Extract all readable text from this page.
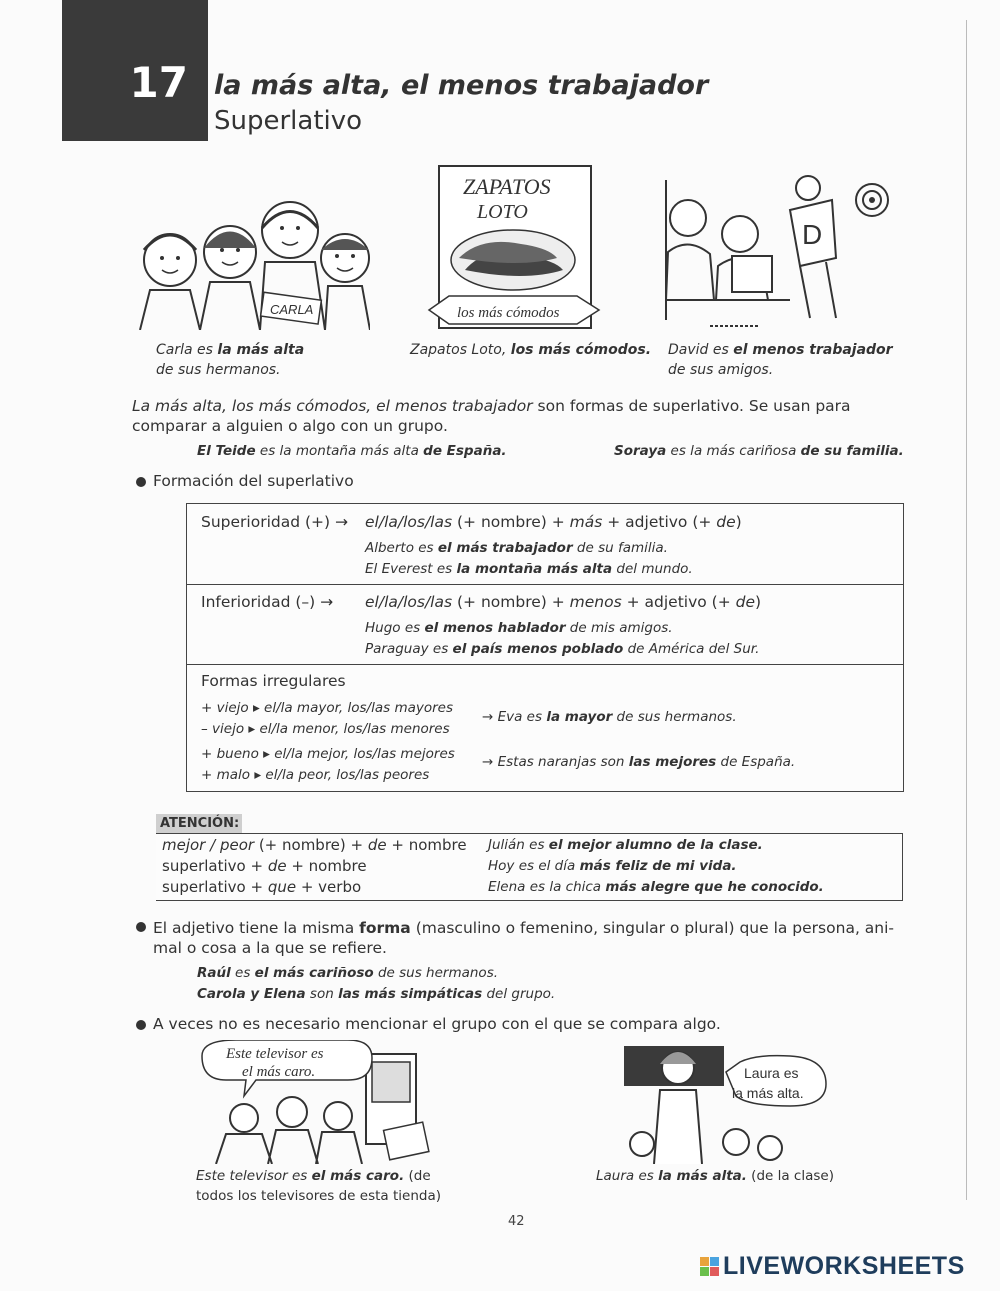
17 la más alta, el menos trabajador
Superlativo
CARLA
Carla es la más alta
de sus hermanos.
ZAPATOS
LOTO
los más cómodos
Zapatos Loto, los más cómodos.
D
David es el menos trabajador
de sus amigos.
La más alta, los más cómodos, el menos trabajador son formas de superlativo. Se usan para
comparar a alguien o algo con un grupo.
El Teide es la montaña más alta de España.	Soraya es la más cariñosa de su familia.
Formación del superlativo
Superioridad (+) → el/la/los/las (+ nombre) + más + adjetivo (+ de)
Alberto es el más trabajador de su familia.
El Everest es la montaña más alta del mundo.
Inferioridad (–) → el/la/los/las (+ nombre) + menos + adjetivo (+ de)
Hugo es el menos hablador de mis amigos.
Paraguay es el país menos poblado de América del Sur.
Formas irregulares
+ viejo ▸ el/la mayor, los/las mayores
– viejo ▸ el/la menor, los/las menores
→ Eva es la mayor de sus hermanos.
+ bueno ▸ el/la mejor, los/las mejores
+ malo ▸ el/la peor, los/las peores
→ Estas naranjas son las mejores de España.
ATENCIÓN:
mejor / peor (+ nombre) + de + nombre
superlativo + de + nombre
superlativo + que + verbo
Julián es el mejor alumno de la clase.
Hoy es el día más feliz de mi vida.
Elena es la chica más alegre que he conocido.
El adjetivo tiene la misma forma (masculino o femenino, singular o plural) que la persona, ani-
mal o cosa a la que se refiere.
Raúl es el más cariñoso de sus hermanos.
Carola y Elena son las más simpáticas del grupo.
A veces no es necesario mencionar el grupo con el que se compara algo.
Este televisor es
el más caro.
Este televisor es el más caro. (de
todos los televisores de esta tienda)
Laura es
la más alta.
Laura es la más alta. (de la clase)
42
LIVEWORKSHEETS
